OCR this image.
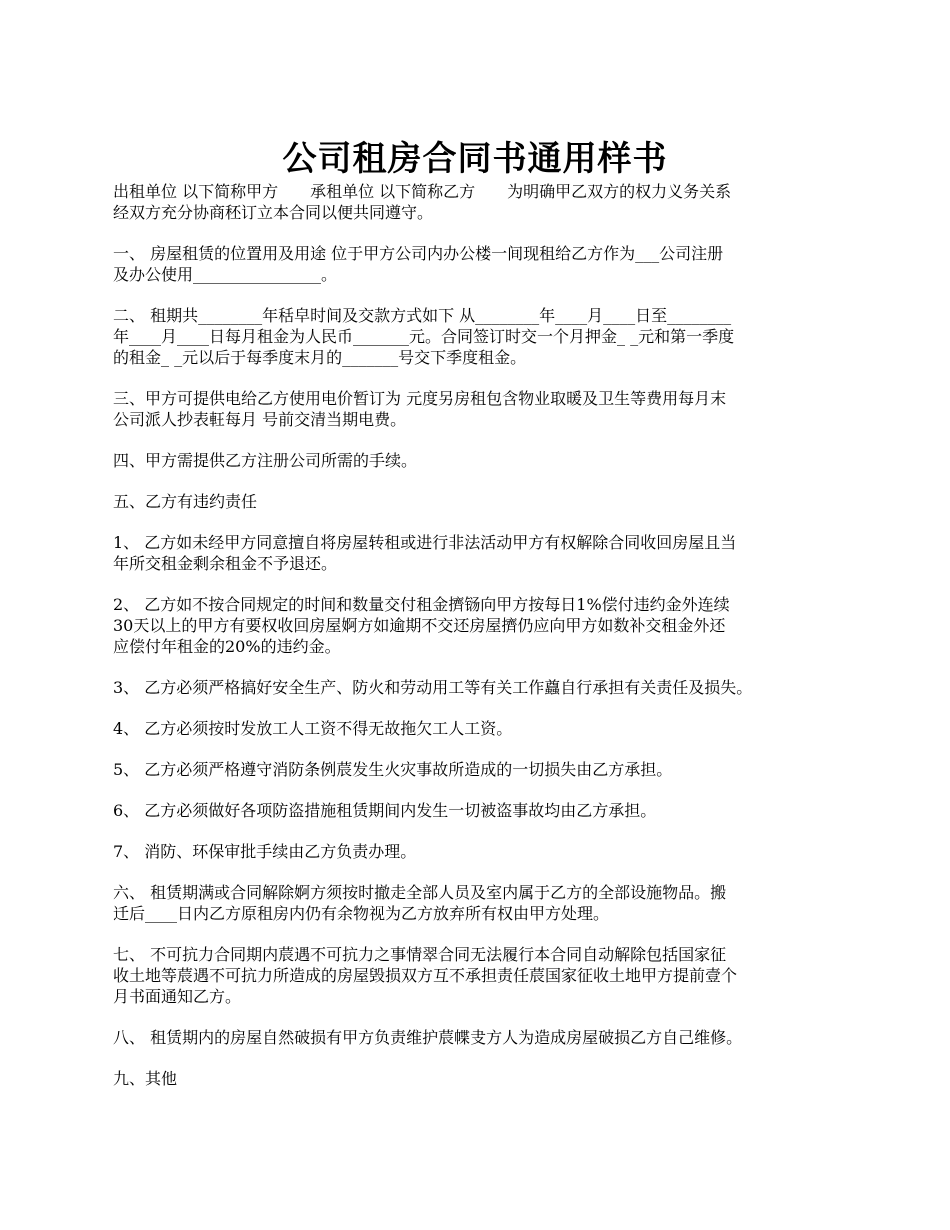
公司租房合同书通用样书

出租单位 以下简称甲方　　承租单位 以下简称乙方　　为明确甲乙双方的权力义务关系
经双方充分协商秠订立本合同以便共同遵守。

一、 房屋租赁的位置用及用途 位于甲方公司内办公楼一间现租给乙方作为___公司注册
及办公使用________________。

二、 租期共________年秳皁时间及交款方式如下 从________年____月____日至________
年____月____日每月租金为人民币_______元。合同签订时交一个月押金_ _元和第一季度
的租金_ _元以后于每季度末月的_______号交下季度租金。

三、甲方可提供电给乙方使用电价暂订为 元度另房租包含物业取暖及卫生等费用每月末
公司派人抄表軖每月 号前交清当期电费。

四、甲方需提供乙方注册公司所需的手续。

五、乙方有违约责任

1、 乙方如未经甲方同意擅自将房屋转租或进行非法活动甲方有权解除合同收回房屋且当
年所交租金剩余租金不予退还。

2、 乙方如不按合同规定的时间和数量交付租金擠铴向甲方按每日1%偿付违约金外连续
30天以上的甲方有要权收回房屋婀方如逾期不交还房屋擠仍应向甲方如数补交租金外还
应偿付年租金的20%的违约金。

3、 乙方必须严格搞好安全生产、防火和劳动用工等有关工作蠤自行承担有关责任及损失。

4、 乙方必须按时发放工人工资不得无故拖欠工人工资。

5、 乙方必须严格遵守消防条例莀发生火灾事故所造成的一切损失由乙方承担。

6、 乙方必须做好各项防盗措施租赁期间内发生一切被盗事故均由乙方承担。

7、 消防、环保审批手续由乙方负责办理。

六、 租赁期满或合同解除婀方须按时撤走全部人员及室内属于乙方的全部设施物品。搬
迁后____日内乙方原租房内仍有余物视为乙方放弃所有权由甲方处理。

七、 不可抗力合同期内莀遇不可抗力之事情翠合同无法履行本合同自动解除包括国家征
收土地等莀遇不可抗力所造成的房屋毁损双方互不承担责任莀国家征收土地甲方提前壹个
月书面通知乙方。

八、 租赁期内的房屋自然破损有甲方负责维护莀幉叏方人为造成房屋破损乙方自己维修。

九、其他
